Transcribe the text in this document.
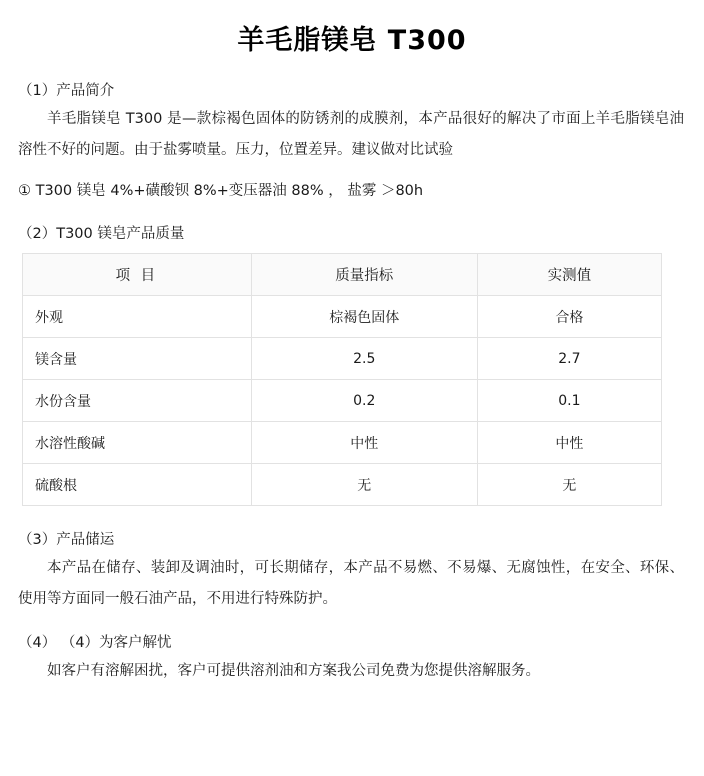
羊毛脂镁皂 T300
（1）产品简介

羊毛脂镁皂 T300 是—款棕褐色固体的防锈剂的成膜剂，本产品很好的解决了市面上羊毛脂镁皂油溶性不好的问题。由于盐雾喷量。压力，位置差异。建议做对比试验

① T300 镁皂 4%+磺酸钡 8%+变压器油 88% ， 盐雾 ＞80h

（2）T300 镁皂产品质量
项 目	质量指标	实测值
外观	棕褐色固体	合格
镁含量	2.5	2.7
水份含量	0.2	0.1
水溶性酸碱	中性	中性
硫酸根	无	无
（3）产品储运

本产品在储存、装卸及调油时，可长期储存，本产品不易燃、不易爆、无腐蚀性，在安全、环保、使用等方面同一般石油产品，不用进行特殊防护。

（4） （4）为客户解忧

如客户有溶解困扰，客户可提供溶剂油和方案我公司免费为您提供溶解服务。
